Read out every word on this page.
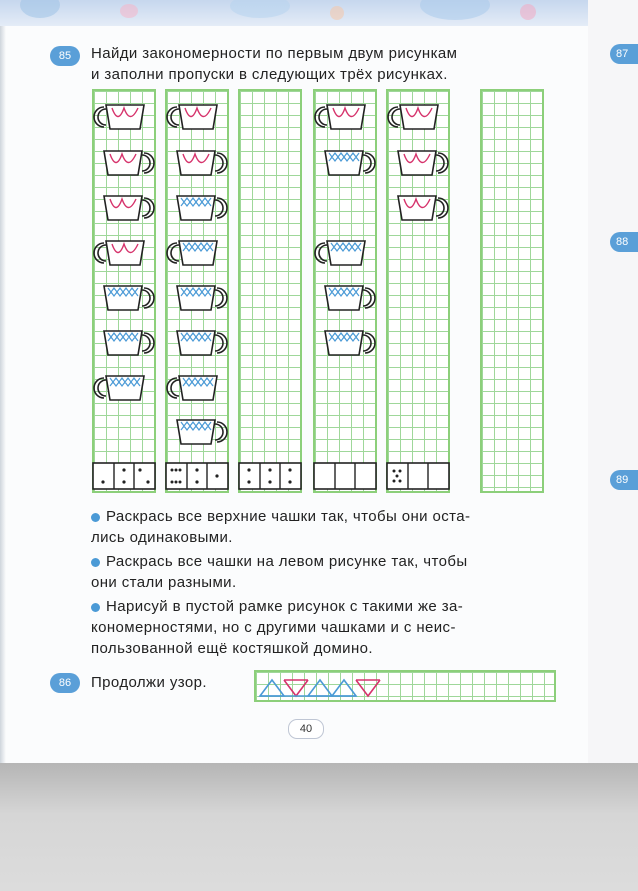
85	Найди закономерности по первым двум рисункам
и заполни пропуски в следующих трёх рисунках.
Раскрась все верхние чашки так, чтобы они оста-
лись одинаковыми.
Раскрась все чашки на левом рисунке так, чтобы
они стали разными.
Нарисуй в пустой рамке рисунок с такими же за-
кономерностями, но с другими чашками и с неис-
пользованной ещё костяшкой домино.
86	Продолжи узор.
40
87
88
89
